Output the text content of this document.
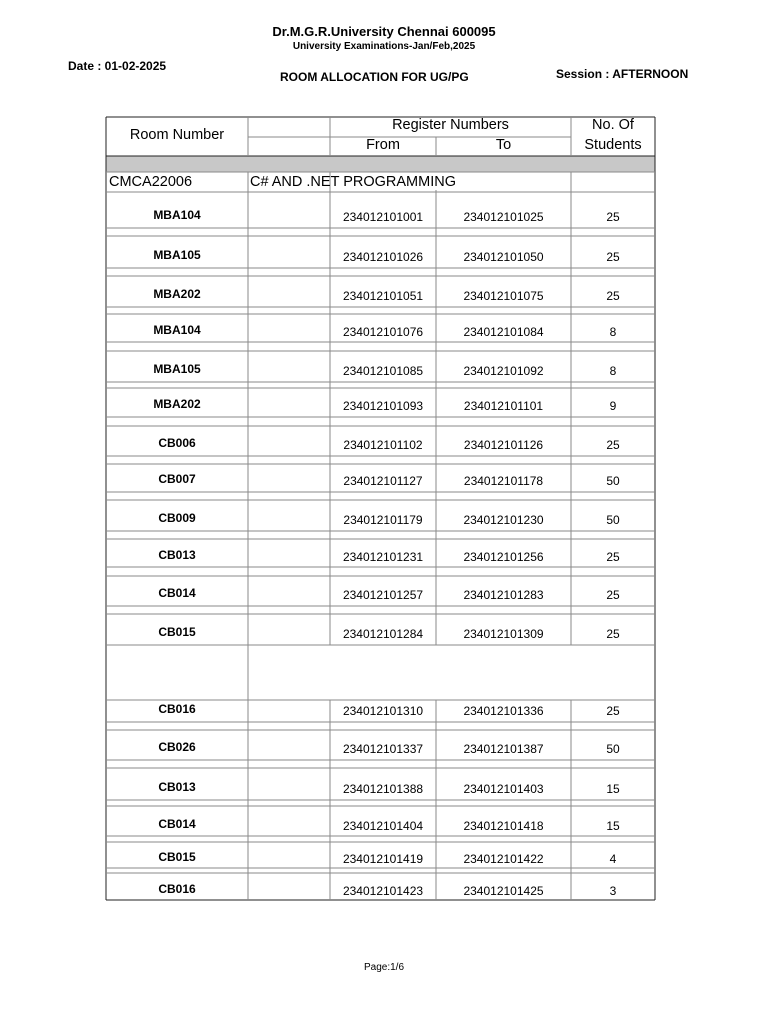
Dr.M.G.R.University Chennai 600095
University Examinations-Jan/Feb,2025
Date : 01-02-2025
ROOM ALLOCATION FOR UG/PG	Session : AFTERNOON
Room Number
Register Numbers
From	To
No. Of
Students
CMCA22006	C# AND .NET PROGRAMMING
MBA104	234012101001	234012101025	25
MBA105	234012101026	234012101050	25
MBA202	234012101051	234012101075	25
MBA104	234012101076	234012101084	8
MBA105	234012101085	234012101092	8
MBA202	234012101093	234012101101	9
CB006	234012101102	234012101126	25
CB007	234012101127	234012101178	50
CB009	234012101179	234012101230	50
CB013	234012101231	234012101256	25
CB014	234012101257	234012101283	25
CB015	234012101284	234012101309	25
CB016	234012101310	234012101336	25
CB026	234012101337	234012101387	50
CB013	234012101388	234012101403	15
CB014	234012101404	234012101418	15
CB015	234012101419	234012101422	4
CB016	234012101423	234012101425	3
Page:1/6
